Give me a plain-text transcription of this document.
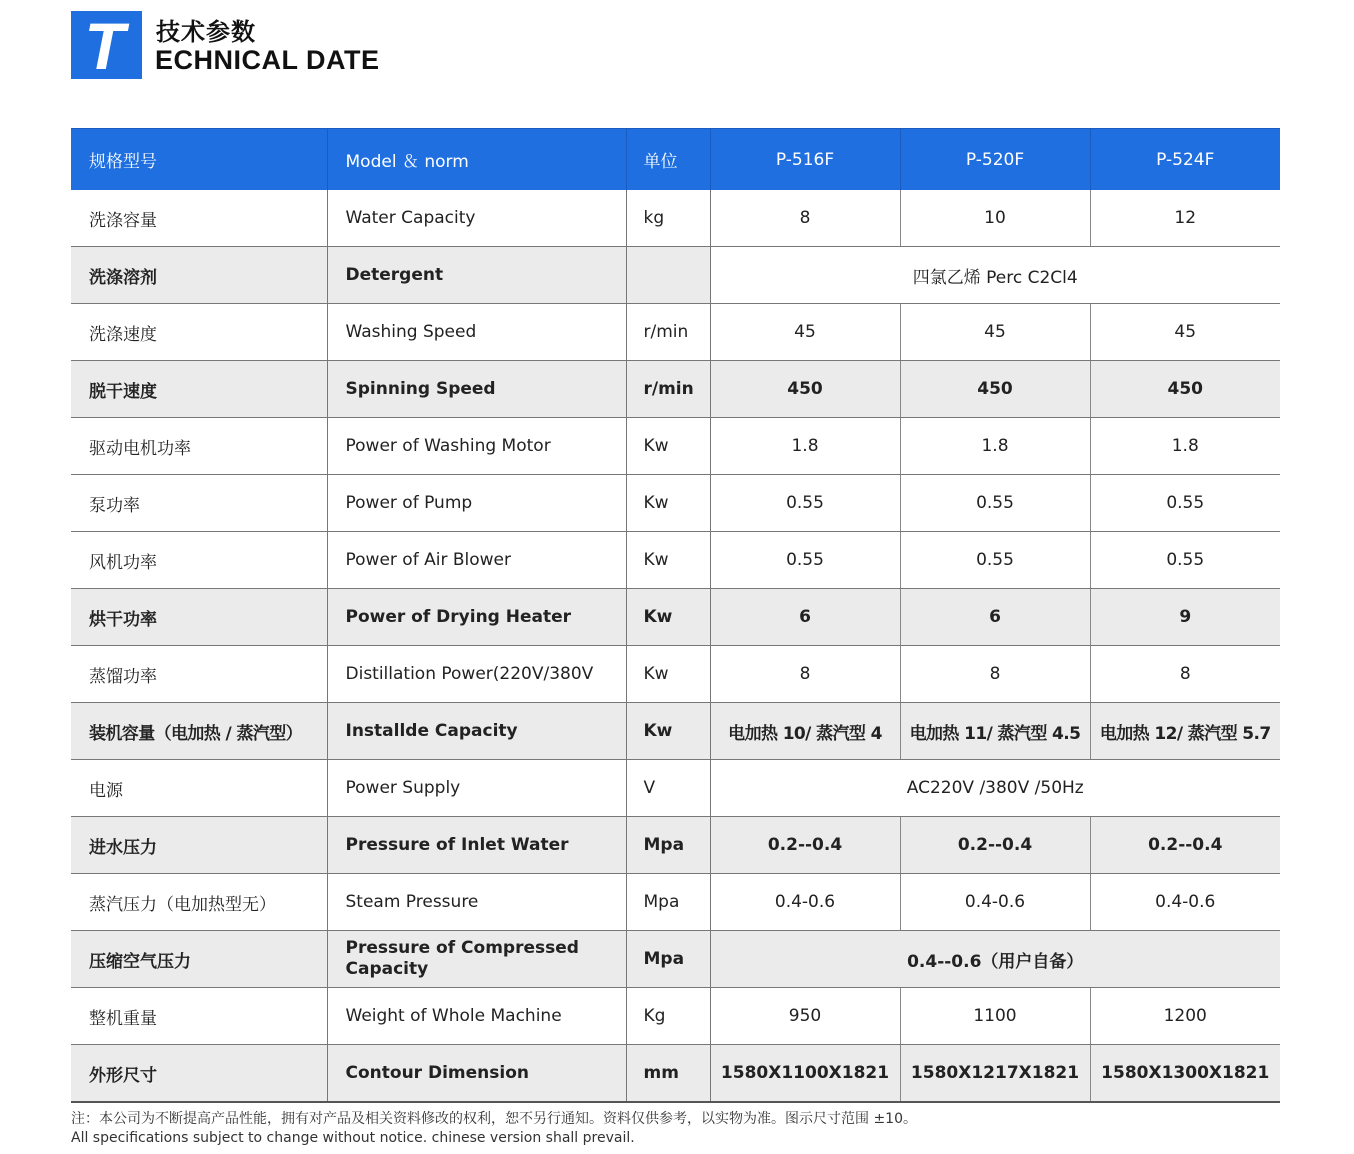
T 技术参数
ECHNICAL DATE
规格型号	Model ＆ norm	单位	P-516F	P-520F	P-524F
洗涤容量	Water Capacity	kg	8	10	12
洗涤溶剂	Detergent		四氯乙烯 Perc C2Cl4		
洗涤速度	Washing Speed	r/min	45	45	45
脱干速度	Spinning Speed	r/min	450	450	450
驱动电机功率	Power of Washing Motor	Kw	1.8	1.8	1.8
泵功率	Power of Pump	Kw	0.55	0.55	0.55
风机功率	Power of Air Blower	Kw	0.55	0.55	0.55
烘干功率	Power of Drying Heater	Kw	6	6	9
蒸馏功率	Distillation Power(220V/380V	Kw	8	8	8
装机容量（电加热 / 蒸汽型）	Installde Capacity	Kw	电加热 10/ 蒸汽型 4	电加热 11/ 蒸汽型 4.5	电加热 12/ 蒸汽型 5.7
电源	Power Supply	V	AC220V /380V /50Hz		
进水压力	Pressure of Inlet Water	Mpa	0.2--0.4	0.2--0.4	0.2--0.4
蒸汽压力（电加热型无）	Steam Pressure	Mpa	0.4-0.6	0.4-0.6	0.4-0.6
压缩空气压力	Pressure of Compressed Capacity	Mpa	0.4--0.6（用户自备）		
整机重量	Weight of Whole Machine	Kg	950	1100	1200
外形尺寸	Contour Dimension	mm	1580X1100X1821	1580X1217X1821	1580X1300X1821
注：本公司为不断提高产品性能，拥有对产品及相关资料修改的权利，恕不另行通知。资料仅供参考，以实物为准。图示尺寸范围 ±10。
All specifications subject to change without notice. chinese version shall prevail.
